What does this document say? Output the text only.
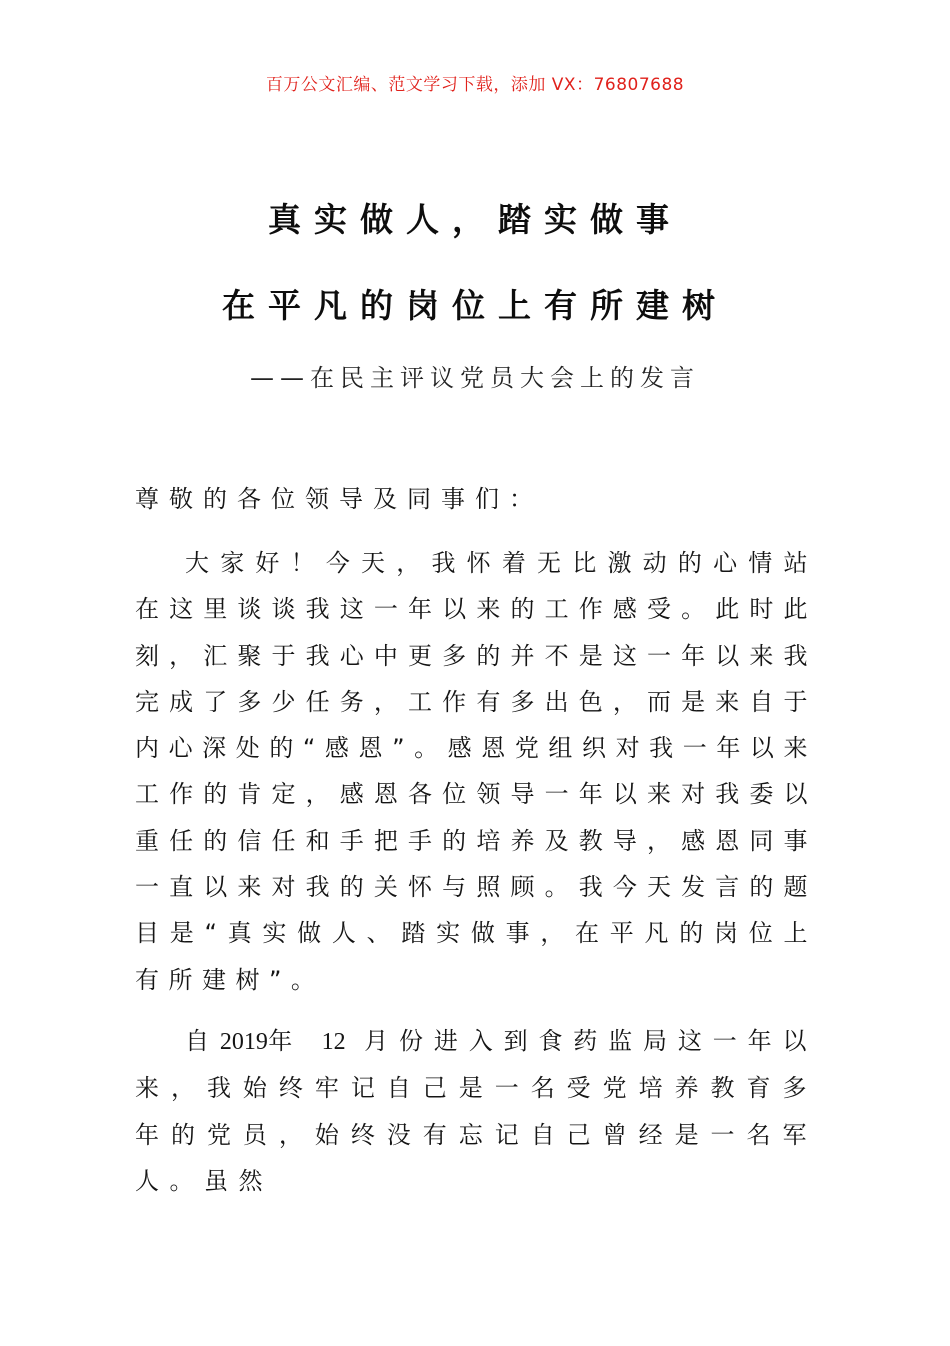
百万公文汇编、范文学习下载，添加 VX：76807688
真实做人，踏实做事
在平凡的岗位上有所建树
——在民主评议党员大会上的发言
尊敬的各位领导及同事们：
大家好！今天，我怀着无比激动的心情站在这里谈谈我这一年以来的工作感受。此时此刻，汇聚于我心中更多的并不是这一年以来我完成了多少任务，工作有多出色，而是来自于内心深处的“感恩”。感恩党组织对我一年以来工作的肯定，感恩各位领导一年以来对我委以重任的信任和手把手的培养及教导，感恩同事一直以来对我的关怀与照顾。我今天发言的题目是“真实做人、踏实做事，在平凡的岗位上有所建树”。
自2019年 12 月份进入到食药监局这一年以来，我始终牢记自己是一名受党培养教育多年的党员，始终没有忘记自己曾经是一名军人。虽然
